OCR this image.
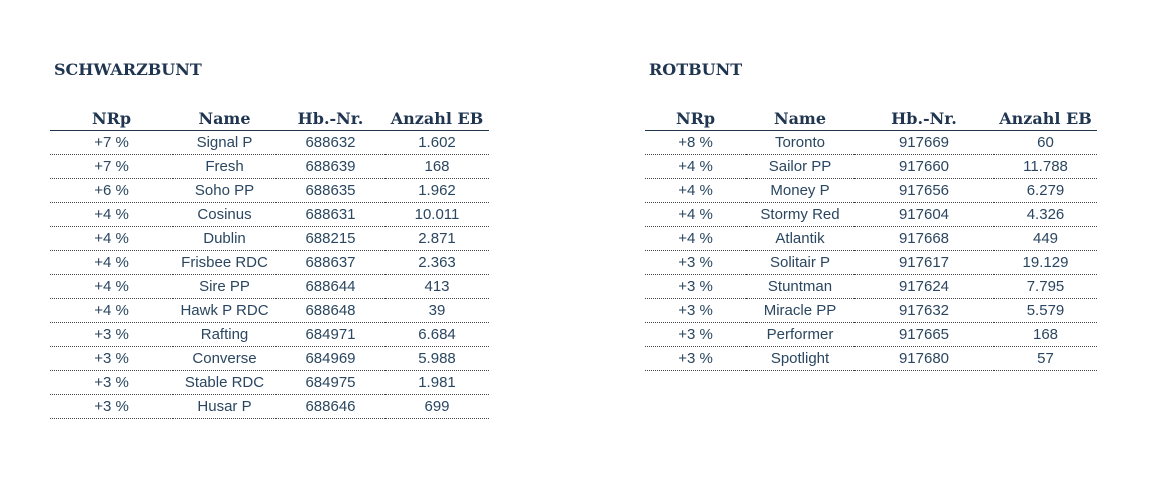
SCHWARZBUNT
NRp	Name	Hb.-Nr.	Anzahl EB
+7 %	Signal P	688632	1.602
+7 %	Fresh	688639	168
+6 %	Soho PP	688635	1.962
+4 %	Cosinus	688631	10.011
+4 %	Dublin	688215	2.871
+4 %	Frisbee RDC	688637	2.363
+4 %	Sire PP	688644	413
+4 %	Hawk P RDC	688648	39
+3 %	Rafting	684971	6.684
+3 %	Converse	684969	5.988
+3 %	Stable RDC	684975	1.981
+3 %	Husar P	688646	699
ROTBUNT
NRp	Name	Hb.-Nr.	Anzahl EB
+8 %	Toronto	917669	60
+4 %	Sailor PP	917660	11.788
+4 %	Money P	917656	6.279
+4 %	Stormy Red	917604	4.326
+4 %	Atlantik	917668	449
+3 %	Solitair P	917617	19.129
+3 %	Stuntman	917624	7.795
+3 %	Miracle PP	917632	5.579
+3 %	Performer	917665	168
+3 %	Spotlight	917680	57
